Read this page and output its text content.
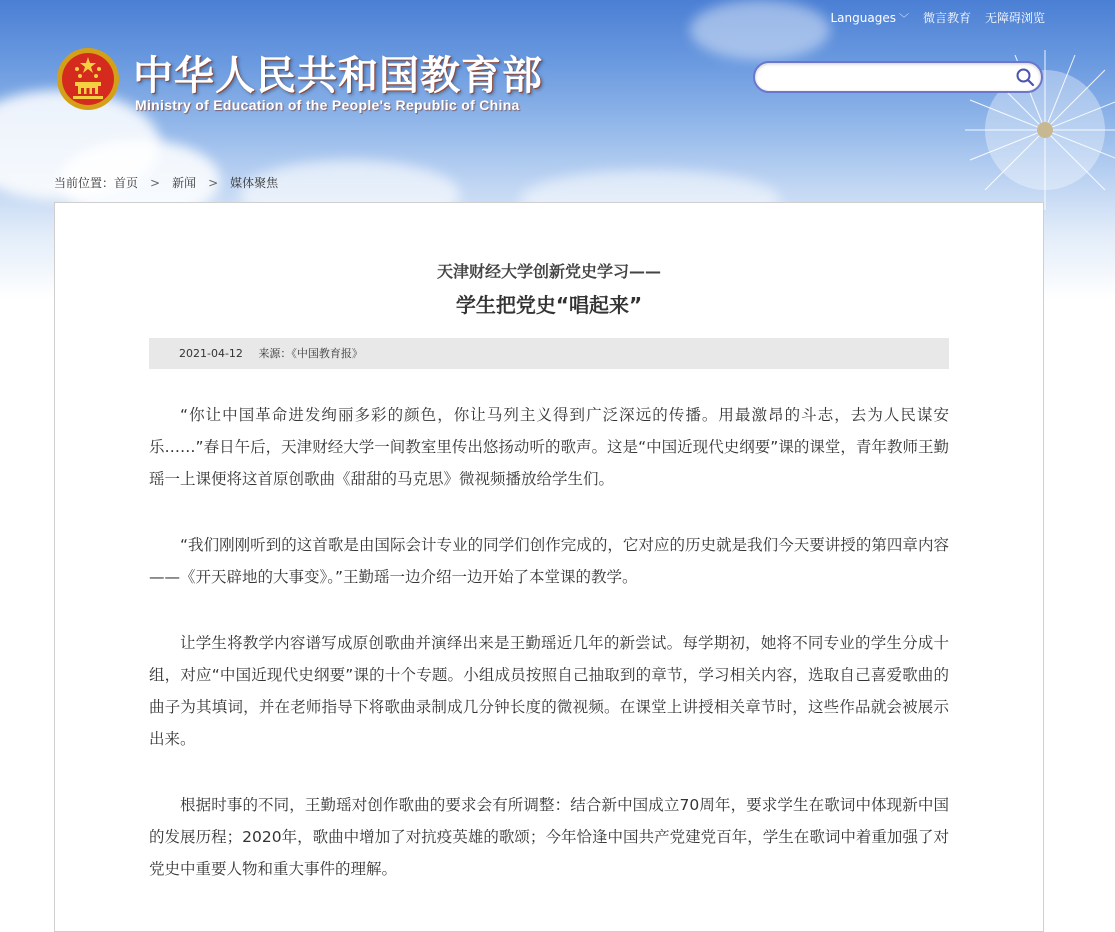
Languages ﹀ 微言教育 无障碍浏览
中华人民共和国教育部
Ministry of Education of the People's Republic of China
当前位置： 首页 > 新闻 > 媒体聚焦
天津财经大学创新党史学习——
学生把党史“唱起来”
2021-04-12 来源：《中国教育报》

“你让中国革命进发绚丽多彩的颜色，你让马列主义得到广泛深远的传播。用最激昂的斗志，去为人民谋安乐……”春日午后，天津财经大学一间教室里传出悠扬动听的歌声。这是“中国近现代史纲要”课的课堂，青年教师王勤瑶一上课便将这首原创歌曲《甜甜的马克思》微视频播放给学生们。

“我们刚刚听到的这首歌是由国际会计专业的同学们创作完成的，它对应的历史就是我们今天要讲授的第四章内容——《开天辟地的大事变》。”王勤瑶一边介绍一边开始了本堂课的教学。

让学生将教学内容谱写成原创歌曲并演绎出来是王勤瑶近几年的新尝试。每学期初，她将不同专业的学生分成十组，对应“中国近现代史纲要”课的十个专题。小组成员按照自己抽取到的章节，学习相关内容，选取自己喜爱歌曲的曲子为其填词，并在老师指导下将歌曲录制成几分钟长度的微视频。在课堂上讲授相关章节时，这些作品就会被展示出来。

根据时事的不同，王勤瑶对创作歌曲的要求会有所调整：结合新中国成立70周年，要求学生在歌词中体现新中国的发展历程；2020年，歌曲中增加了对抗疫英雄的歌颂；今年恰逢中国共产党建党百年，学生在歌词中着重加强了对党史中重要人物和重大事件的理解。
